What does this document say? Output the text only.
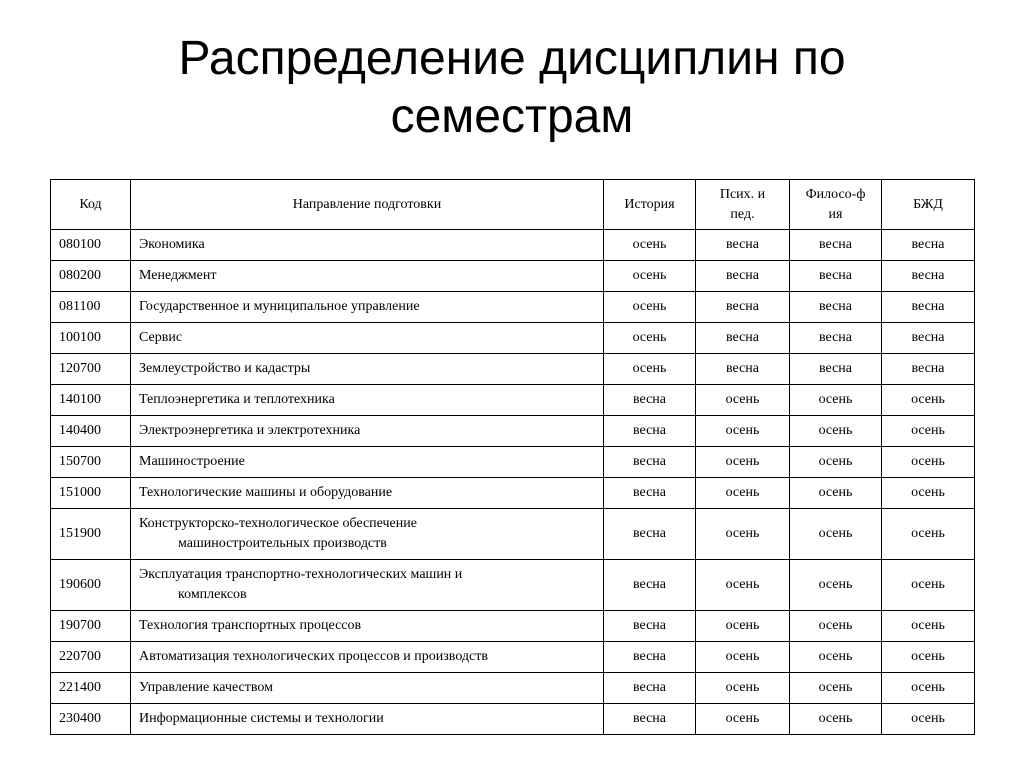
Распределение дисциплин по
семестрам
Код	Направление подготовки	История	Псих. и пед.	Филосо-фия	БЖД
080100	Экономика	осень	весна	весна	весна
080200	Менеджмент	осень	весна	весна	весна
081100	Государственное и муниципальное управление	осень	весна	весна	весна
100100	Сервис	осень	весна	весна	весна
120700	Землеустройство и кадастры	осень	весна	весна	весна
140100	Теплоэнергетика и теплотехника	весна	осень	осень	осень
140400	Электроэнергетика и электротехника	весна	осень	осень	осень
150700	Машиностроение	весна	осень	осень	осень
151000	Технологические машины и оборудование	весна	осень	осень	осень
151900	Конструкторско-технологическое обеспечение
машиностроительных производств	весна	осень	осень	осень
190600	Эксплуатация транспортно-технологических машин и
комплексов	весна	осень	осень	осень
190700	Технология транспортных процессов	весна	осень	осень	осень
220700	Автоматизация технологических процессов и производств	весна	осень	осень	осень
221400	Управление качеством	весна	осень	осень	осень
230400	Информационные системы и технологии	весна	осень	осень	осень
